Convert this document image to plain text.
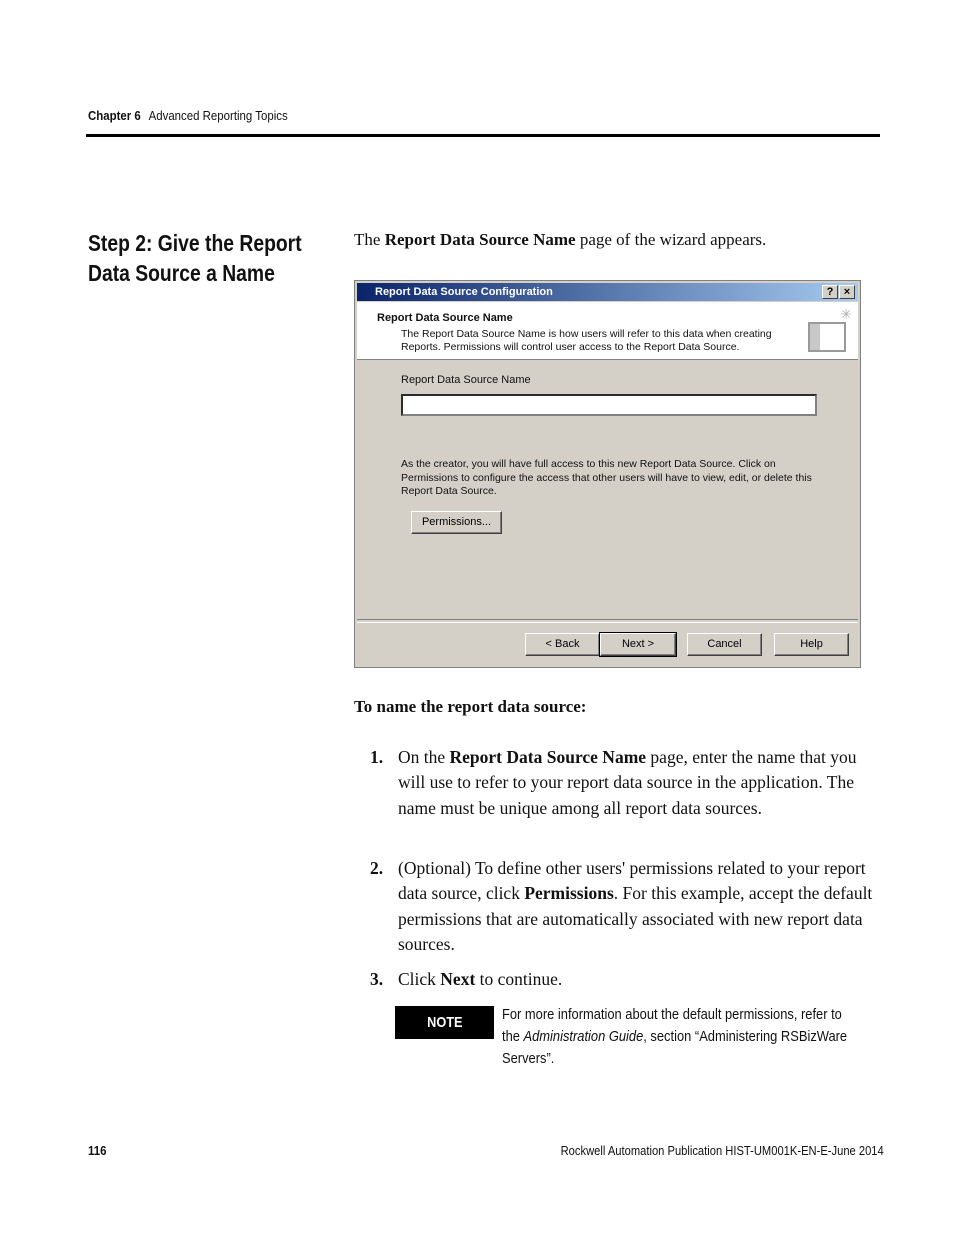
Chapter 6 Advanced Reporting Topics
Step 2: Give the Report Data Source a Name
The Report Data Source Name page of the wizard appears.
Report Data Source Configuration	? ×
Report Data Source Name
The Report Data Source Name is how users will refer to this data when creating Reports. Permissions will control user access to the Report Data Source.
✳
Report Data Source Name
As the creator, you will have full access to this new Report Data Source. Click on Permissions to configure the access that other users will have to view, edit, or delete this Report Data Source.
Permissions...
< Back	Next >	Cancel	Help
To name the report data source:
1. On the Report Data Source Name page, enter the name that you will use to refer to your report data source in the application. The name must be unique among all report data sources.
2. (Optional) To define other users' permissions related to your report data source, click Permissions. For this example, accept the default permissions that are automatically associated with new report data sources.
3. Click Next to continue.
NOTE	For more information about the default permissions, refer to the Administration Guide, section “Administering RSBizWare Servers”.
116	Rockwell Automation Publication HIST-UM001K-EN-E-June 2014
